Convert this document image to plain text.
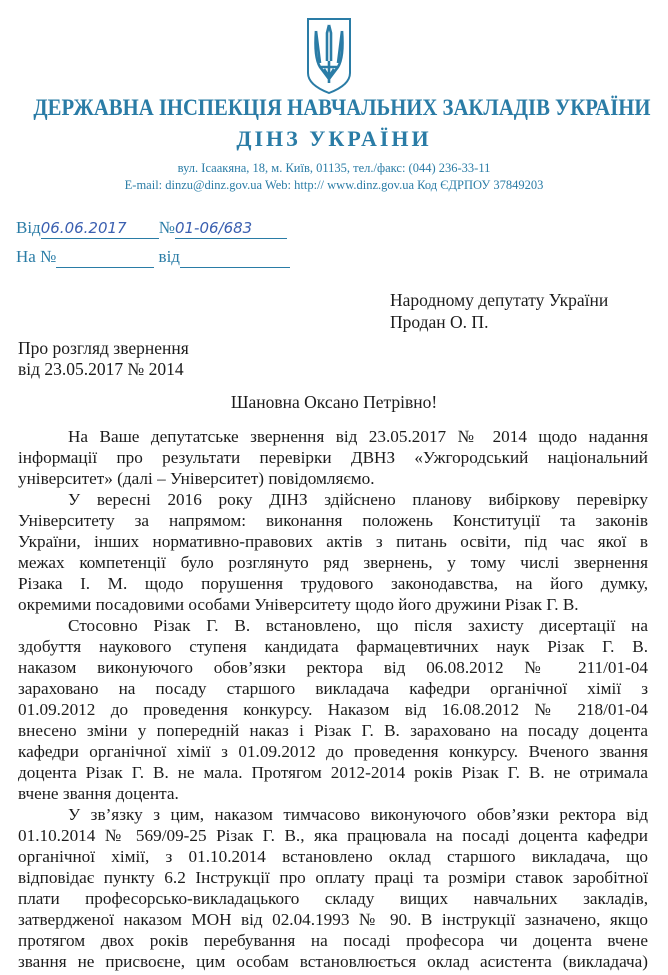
ДЕРЖАВНА ІНСПЕКЦІЯ НАВЧАЛЬНИХ ЗАКЛАДІВ УКРАЇНИ
ДІНЗ УКРАЇНИ
вул. Ісаакяна, 18, м. Київ, 01135, тел./факс: (044) 236-33-11
E-mail: dinzu@dinz.gov.ua Web: http:// www.dinz.gov.ua Код ЄДРПОУ 37849203
Від06.06.2017 №01-06/683
На №	від
Народному депутату України
Продан О. П.
Про розгляд звернення
від 23.05.2017 № 2014
Шановна Оксано Петрівно!
На Ваше депутатське звернення від 23.05.2017 № 2014 щодо надання
інформації про результати перевірки ДВНЗ «Ужгородський національний
університет» (далі – Університет) повідомляємо.
У вересні 2016 року ДІНЗ здійснено планову вибіркову перевірку
Університету за напрямом: виконання положень Конституції та законів
України, інших нормативно-правових актів з питань освіти, під час якої в
межах компетенції було розглянуто ряд звернень, у тому числі звернення
Різака І. М. щодо порушення трудового законодавства, на його думку,
окремими посадовими особами Університету щодо його дружини Різак Г. В.
Стосовно Різак Г. В. встановлено, що після захисту дисертації на
здобуття наукового ступеня кандидата фармацевтичних наук Різак Г. В.
наказом виконуючого обов’язки ректора від 06.08.2012 № 211/01-04
зараховано на посаду старшого викладача кафедри органічної хімії з
01.09.2012 до проведення конкурсу. Наказом від 16.08.2012 № 218/01-04
внесено зміни у попередній наказ і Різак Г. В. зараховано на посаду доцента
кафедри органічної хімії з 01.09.2012 до проведення конкурсу. Вченого звання
доцента Різак Г. В. не мала. Протягом 2012-2014 років Різак Г. В. не отримала
вчене звання доцента.
У зв’язку з цим, наказом тимчасово виконуючого обов’язки ректора від
01.10.2014 № 569/09-25 Різак Г. В., яка працювала на посаді доцента кафедри
органічної хімії, з 01.10.2014 встановлено оклад старшого викладача, що
відповідає пункту 6.2 Інструкції про оплату праці та розміри ставок заробітної
плати професорсько-викладацького складу вищих навчальних закладів,
затвердженої наказом МОН від 02.04.1993 № 90. В інструкції зазначено, якщо
протягом двох років перебування на посаді професора чи доцента вчене
звання не присвоєне, цим особам встановлюється оклад асистента (викладача)
